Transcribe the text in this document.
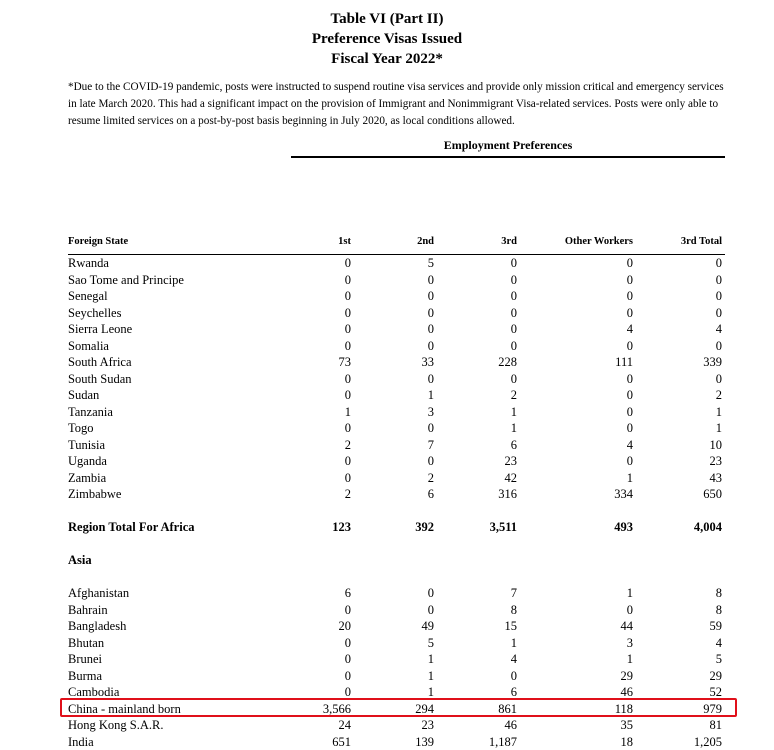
Table VI (Part II)
Preference Visas Issued
Fiscal Year 2022*
*Due to the COVID-19 pandemic, posts were instructed to suspend routine visa services and provide only mission critical and emergency services in late March 2020. This had a significant impact on the provision of Immigrant and Nonimmigrant Visa-related services. Posts were only able to resume limited services on a post-by-post basis beginning in July 2020, as local conditions allowed.
Employment Preferences
Foreign State	1st	2nd	3rd	Other Workers	3rd Total
Rwanda	0	5	0	0	0
Sao Tome and Principe	0	0	0	0	0
Senegal	0	0	0	0	0
Seychelles	0	0	0	0	0
Sierra Leone	0	0	0	4	4
Somalia	0	0	0	0	0
South Africa	73	33	228	111	339
South Sudan	0	0	0	0	0
Sudan	0	1	2	0	2
Tanzania	1	3	1	0	1
Togo	0	0	1	0	1
Tunisia	2	7	6	4	10
Uganda	0	0	23	0	23
Zambia	0	2	42	1	43
Zimbabwe	2	6	316	334	650
Region Total For Africa	123	392	3,511	493	4,004
Asia
Afghanistan	6	0	7	1	8
Bahrain	0	0	8	0	8
Bangladesh	20	49	15	44	59
Bhutan	0	5	1	3	4
Brunei	0	1	4	1	5
Burma	0	1	0	29	29
Cambodia	0	1	6	46	52
China - mainland born	3,566	294	861	118	979
Hong Kong S.A.R.	24	23	46	35	81
India	651	139	1,187	18	1,205
